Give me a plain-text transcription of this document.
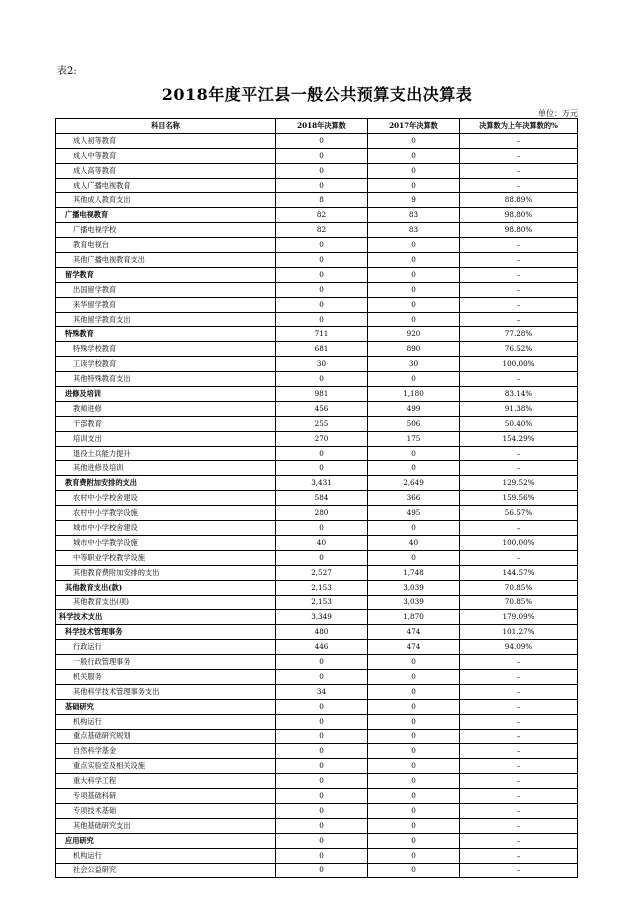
表2:
2018年度平江县一般公共预算支出决算表
单位：万元
科目名称	2018年决算数	2017年决算数	决算数为上年决算数的%
成人初等教育	0	0	–
成人中等教育	0	0	–
成人高等教育	0	0	–
成人广播电视教育	0	0	–
其他成人教育支出	8	9	88.89%
广播电视教育	82	83	98.80%
广播电视学校	82	83	98.80%
教育电视台	0	0	–
其他广播电视教育支出	0	0	–
留学教育	0	0	–
出国留学教育	0	0	–
来华留学教育	0	0	–
其他留学教育支出	0	0	–
特殊教育	711	920	77.28%
特殊学校教育	681	890	76.52%
工读学校教育	30	30	100.00%
其他特殊教育支出	0	0	–
进修及培训	981	1,180	83.14%
教师进修	456	499	91.38%
干部教育	255	506	50.40%
培训支出	270	175	154.29%
退役士兵能力提升	0	0	–
其他进修及培训	0	0	–
教育费附加安排的支出	3,431	2,649	129.52%
农村中小学校舍建设	584	366	159.56%
农村中小学教学设施	280	495	56.57%
城市中小学校舍建设	0	0	–
城市中小学教学设施	40	40	100.00%
中等职业学校教学设施	0	0	–
其他教育费附加安排的支出	2,527	1,748	144.57%
其他教育支出(款)	2,153	3,039	70.85%
其他教育支出(项)	2,153	3,039	70.85%
科学技术支出	3,349	1,870	179.09%
科学技术管理事务	480	474	101.27%
行政运行	446	474	94.09%
一般行政管理事务	0	0	–
机关服务	0	0	–
其他科学技术管理事务支出	34	0	–
基础研究	0	0	–
机构运行	0	0	–
重点基础研究规划	0	0	–
自然科学基金	0	0	–
重点实验室及相关设施	0	0	–
重大科学工程	0	0	–
专项基础科研	0	0	–
专项技术基础	0	0	–
其他基础研究支出	0	0	–
应用研究	0	0	–
机构运行	0	0	–
社会公益研究	0	0	–
